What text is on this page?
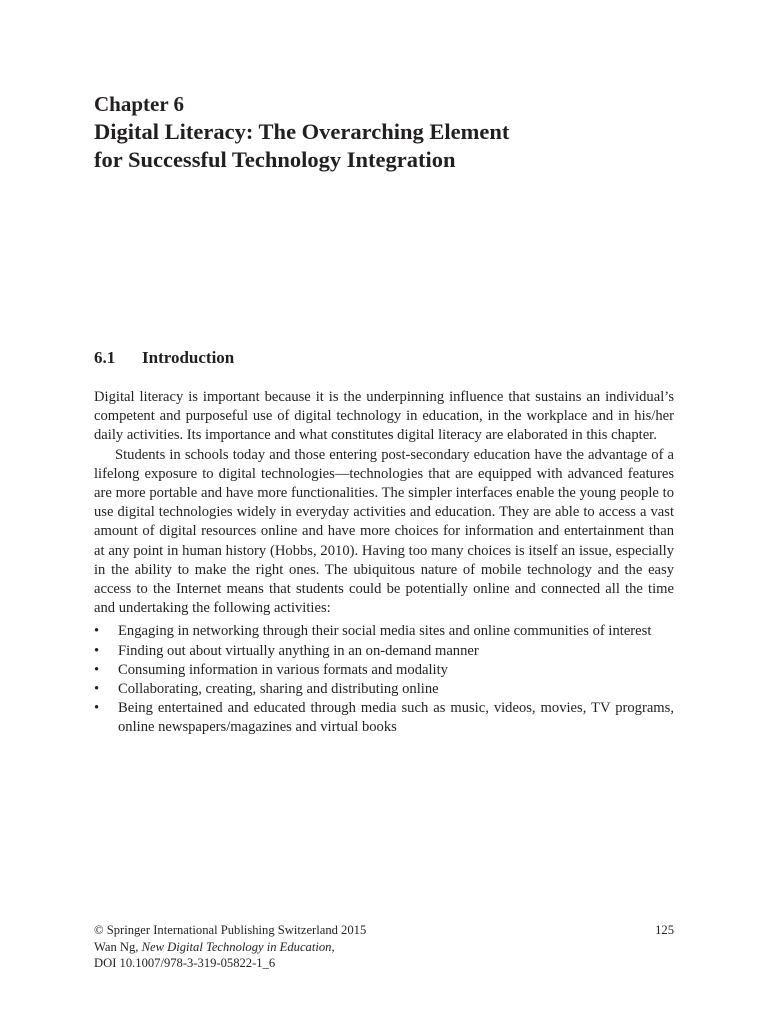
Chapter 6
Digital Literacy: The Overarching Element
for Successful Technology Integration
6.1 Introduction

Digital literacy is important because it is the underpinning influence that sustains an individual’s competent and purposeful use of digital technology in education, in the workplace and in his/her daily activities. Its importance and what constitutes digital literacy are elaborated in this chapter.

Students in schools today and those entering post-secondary education have the advantage of a lifelong exposure to digital technologies—technologies that are equipped with advanced features are more portable and have more functionalities. The simpler interfaces enable the young people to use digital technologies widely in everyday activities and education. They are able to access a vast amount of digital resources online and have more choices for information and entertainment than at any point in human history (Hobbs, 2010). Having too many choices is itself an issue, especially in the ability to make the right ones. The ubiquitous nature of mobile technology and the easy access to the Internet means that students could be potentially online and connected all the time and undertaking the following activities:

• Engaging in networking through their social media sites and online communities of interest
• Finding out about virtually anything in an on-demand manner
• Consuming information in various formats and modality
• Collaborating, creating, sharing and distributing online
• Being entertained and educated through media such as music, videos, movies, TV programs, online newspapers/magazines and virtual books
© Springer International Publishing Switzerland 2015
Wan Ng, New Digital Technology in Education,
DOI 10.1007/978-3-319-05822-1_6
125
